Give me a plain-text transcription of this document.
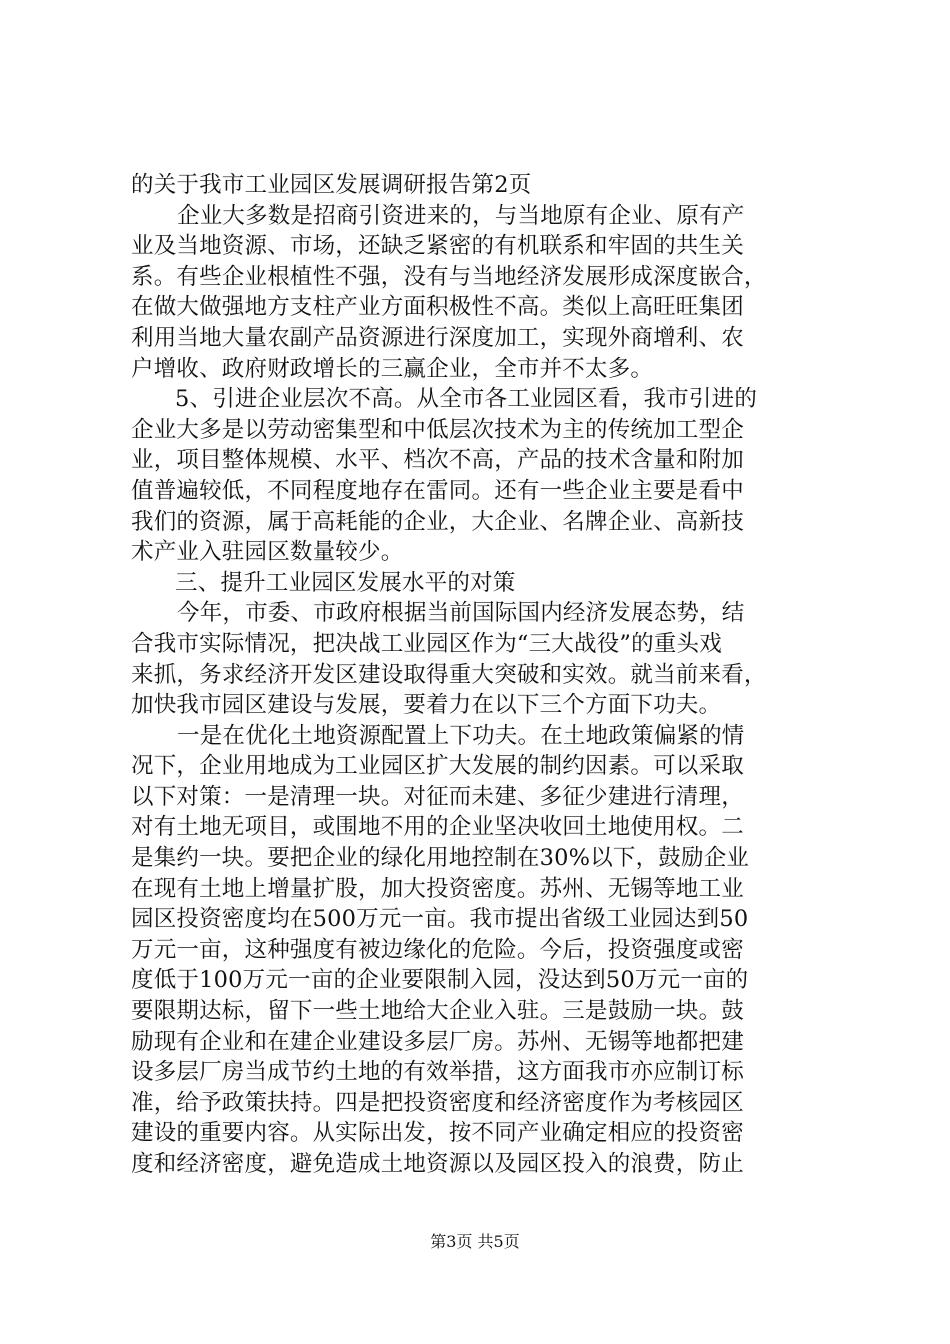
的关于我市工业园区发展调研报告第2页
企业大多数是招商引资进来的，与当地原有企业、原有产
业及当地资源、市场，还缺乏紧密的有机联系和牢固的共生关
系。有些企业根植性不强，没有与当地经济发展形成深度嵌合，
在做大做强地方支柱产业方面积极性不高。类似上高旺旺集团
利用当地大量农副产品资源进行深度加工，实现外商增利、农
户增收、政府财政增长的三赢企业，全市并不太多。
5、引进企业层次不高。从全市各工业园区看，我市引进的
企业大多是以劳动密集型和中低层次技术为主的传统加工型企
业，项目整体规模、水平、档次不高，产品的技术含量和附加
值普遍较低，不同程度地存在雷同。还有一些企业主要是看中
我们的资源，属于高耗能的企业，大企业、名牌企业、高新技
术产业入驻园区数量较少。
三、提升工业园区发展水平的对策
今年，市委、市政府根据当前国际国内经济发展态势，结
合我市实际情况，把决战工业园区作为“三大战役”的重头戏
来抓，务求经济开发区建设取得重大突破和实效。就当前来看，
加快我市园区建设与发展，要着力在以下三个方面下功夫。
一是在优化土地资源配置上下功夫。在土地政策偏紧的情
况下，企业用地成为工业园区扩大发展的制约因素。可以采取
以下对策：一是清理一块。对征而未建、多征少建进行清理，
对有土地无项目，或围地不用的企业坚决收回土地使用权。二
是集约一块。要把企业的绿化用地控制在30%以下，鼓励企业
在现有土地上增量扩股，加大投资密度。苏州、无锡等地工业
园区投资密度均在500万元一亩。我市提出省级工业园达到50
万元一亩，这种强度有被边缘化的危险。今后，投资强度或密
度低于100万元一亩的企业要限制入园，没达到50万元一亩的
要限期达标，留下一些土地给大企业入驻。三是鼓励一块。鼓
励现有企业和在建企业建设多层厂房。苏州、无锡等地都把建
设多层厂房当成节约土地的有效举措，这方面我市亦应制订标
准，给予政策扶持。四是把投资密度和经济密度作为考核园区
建设的重要内容。从实际出发，按不同产业确定相应的投资密
度和经济密度，避免造成土地资源以及园区投入的浪费，防止
第3页 共5页
